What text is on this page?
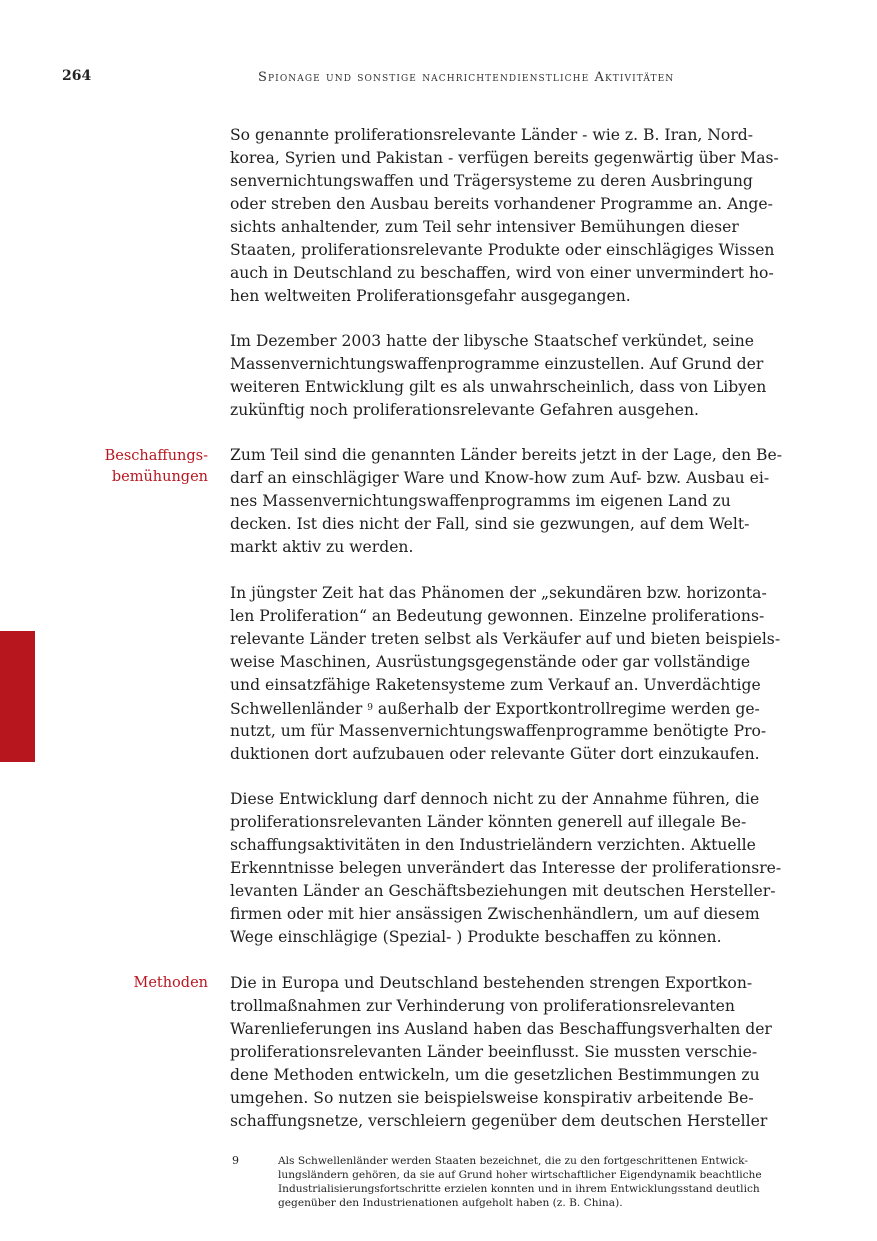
264	Spionage und sonstige nachrichtendienstliche Aktivitäten
So genannte proliferationsrelevante Länder - wie z. B. Iran, Nord-
korea, Syrien und Pakistan - verfügen bereits gegenwärtig über Mas-
senvernichtungswaffen und Trägersysteme zu deren Ausbringung
oder streben den Ausbau bereits vorhandener Programme an. Ange-
sichts anhaltender, zum Teil sehr intensiver Bemühungen dieser
Staaten, proliferationsrelevante Produkte oder einschlägiges Wissen
auch in Deutschland zu beschaffen, wird von einer unvermindert ho-
hen weltweiten Proliferationsgefahr ausgegangen.
Im Dezember 2003 hatte der libysche Staatschef verkündet, seine
Massenvernichtungswaffenprogramme einzustellen. Auf Grund der
weiteren Entwicklung gilt es als unwahrscheinlich, dass von Libyen
zukünftig noch proliferationsrelevante Gefahren ausgehen.
Beschaffungs-
bemühungen
Zum Teil sind die genannten Länder bereits jetzt in der Lage, den Be-
darf an einschlägiger Ware und Know-how zum Auf- bzw. Ausbau ei-
nes Massenvernichtungswaffenprogramms im eigenen Land zu
decken. Ist dies nicht der Fall, sind sie gezwungen, auf dem Welt-
markt aktiv zu werden.
In jüngster Zeit hat das Phänomen der „sekundären bzw. horizonta-
len Proliferation“ an Bedeutung gewonnen. Einzelne proliferations-
relevante Länder treten selbst als Verkäufer auf und bieten beispiels-
weise Maschinen, Ausrüstungsgegenstände oder gar vollständige
und einsatzfähige Raketensysteme zum Verkauf an. Unverdächtige
Schwellenländer $^9$ außerhalb der Exportkontrollregime werden ge-
nutzt, um für Massenvernichtungswaffenprogramme benötigte Pro-
duktionen dort aufzubauen oder relevante Güter dort einzukaufen.
Diese Entwicklung darf dennoch nicht zu der Annahme führen, die
proliferationsrelevanten Länder könnten generell auf illegale Be-
schaffungsaktivitäten in den Industrieländern verzichten. Aktuelle
Erkenntnisse belegen unverändert das Interesse der proliferationsre-
levanten Länder an Geschäftsbeziehungen mit deutschen Hersteller-
firmen oder mit hier ansässigen Zwischenhändlern, um auf diesem
Wege einschlägige (Spezial- ) Produkte beschaffen zu können.
Methoden Die in Europa und Deutschland bestehenden strengen Exportkon-
trollmaßnahmen zur Verhinderung von proliferationsrelevanten
Warenlieferungen ins Ausland haben das Beschaffungsverhalten der
proliferationsrelevanten Länder beeinflusst. Sie mussten verschie-
dene Methoden entwickeln, um die gesetzlichen Bestimmungen zu
umgehen. So nutzen sie beispielsweise konspirativ arbeitende Be-
schaffungsnetze, verschleiern gegenüber dem deutschen Hersteller
9	Als Schwellenländer werden Staaten bezeichnet, die zu den fortgeschrittenen Entwick-
lungsländern gehören, da sie auf Grund hoher wirtschaftlicher Eigendynamik beachtliche
Industrialisierungsfortschritte erzielen konnten und in ihrem Entwicklungsstand deutlich
gegenüber den Industrienationen aufgeholt haben (z. B. China).
